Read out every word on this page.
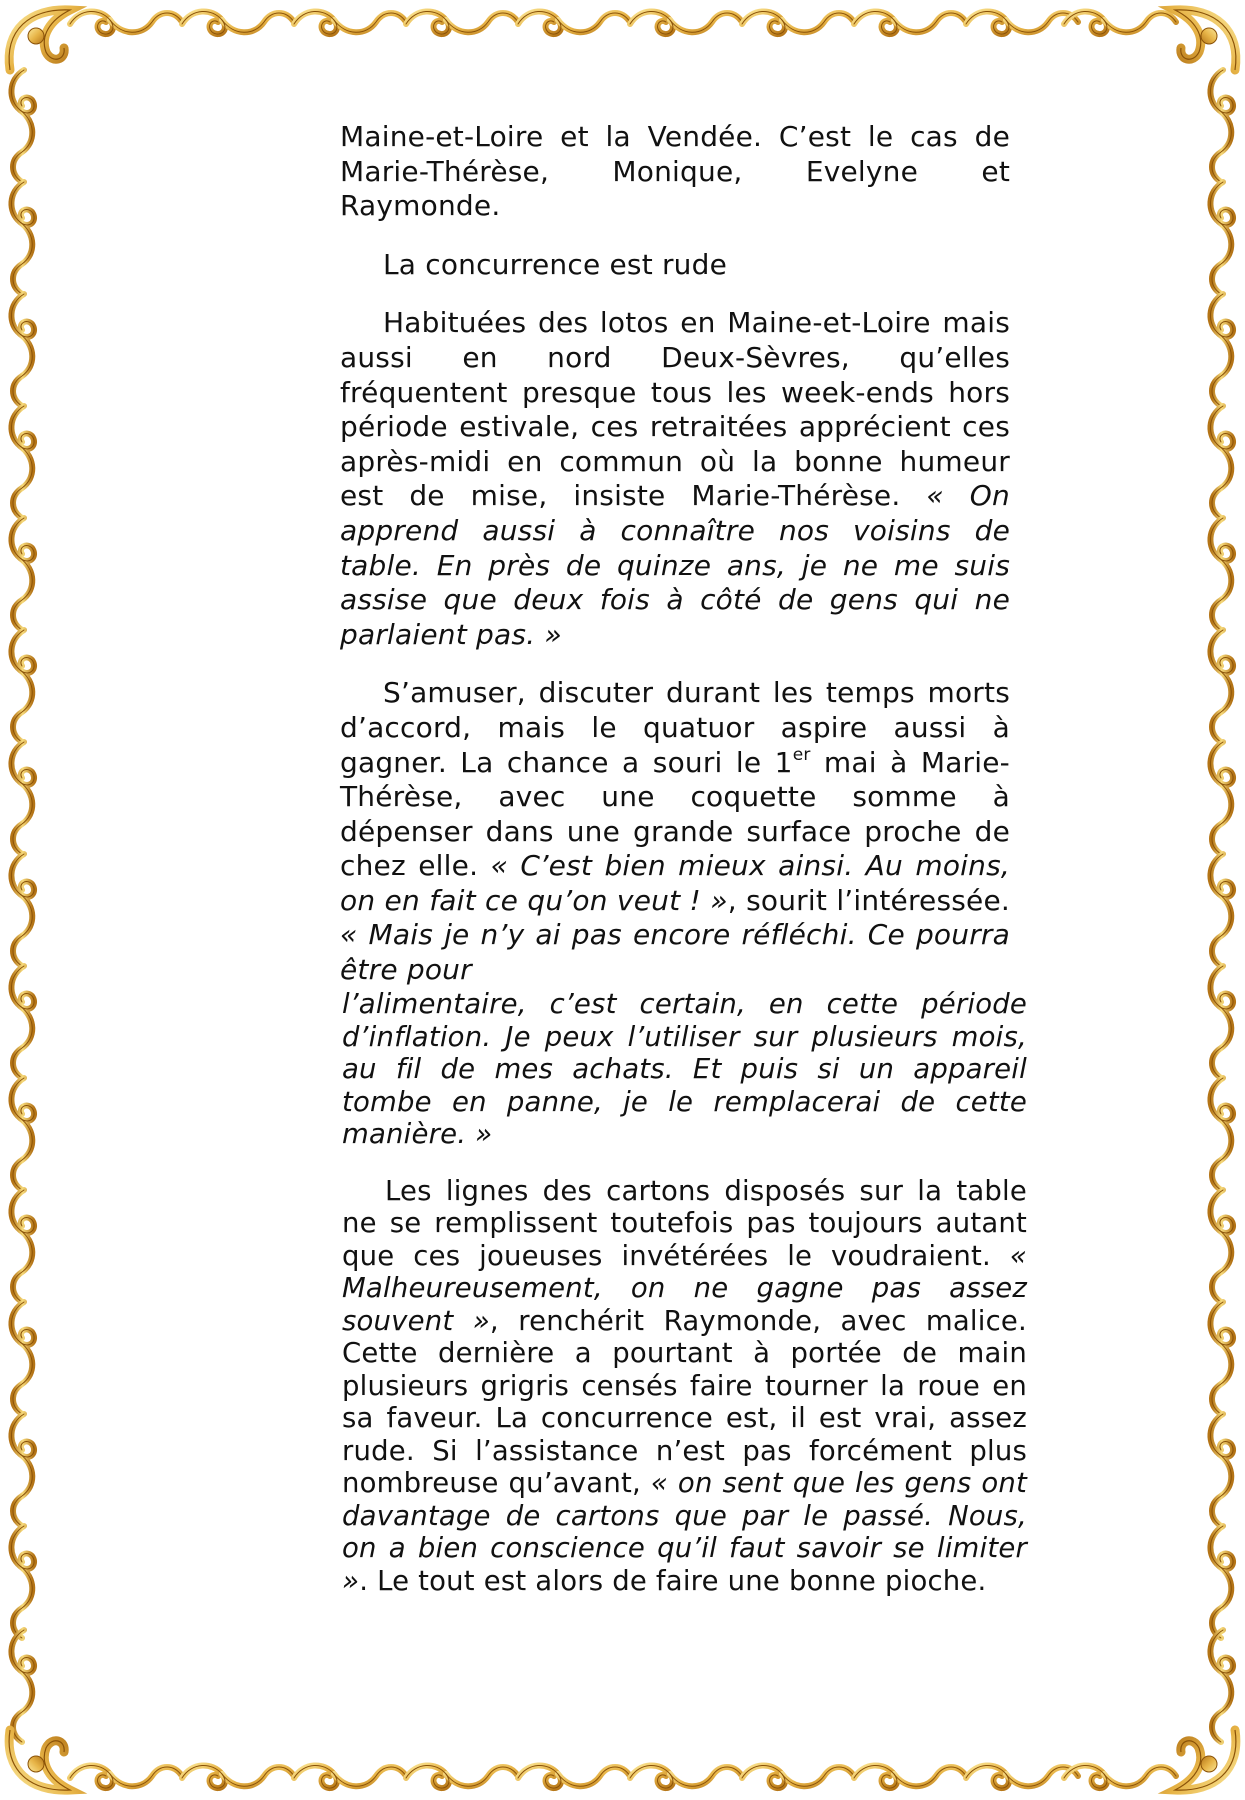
Maine-et-Loire et la Vendée. C’est le cas de Marie-Thérèse, Monique, Evelyne et Raymonde.

La concurrence est rude

Habituées des lotos en Maine-et-Loire mais aussi en nord Deux-Sèvres, qu’elles fréquentent presque tous les week-ends hors période estivale, ces retraitées apprécient ces après-midi en commun où la bonne humeur est de mise, insiste Marie-Thérèse. « On apprend aussi à connaître nos voisins de table. En près de quinze ans, je ne me suis assise que deux fois à côté de gens qui ne parlaient pas. »

S’amuser, discuter durant les temps morts d’accord, mais le quatuor aspire aussi à gagner. La chance a souri le 1er mai à Marie-Thérèse, avec une coquette somme à dépenser dans une grande surface proche de chez elle. « C’est bien mieux ainsi. Au moins, on en fait ce qu’on veut ! », sourit l’intéressée. « Mais je n’y ai pas encore réfléchi. Ce pourra être pour

l’alimentaire, c’est certain, en cette période d’inflation. Je peux l’utiliser sur plusieurs mois, au fil de mes achats. Et puis si un appareil tombe en panne, je le remplacerai de cette manière. »

Les lignes des cartons disposés sur la table ne se remplissent toutefois pas toujours autant que ces joueuses invétérées le voudraient. « Malheureusement, on ne gagne pas assez souvent », renchérit Raymonde, avec malice. Cette dernière a pourtant à portée de main plusieurs grigris censés faire tourner la roue en sa faveur. La concurrence est, il est vrai, assez rude. Si l’assistance n’est pas forcément plus nombreuse qu’avant, « on sent que les gens ont davantage de cartons que par le passé. Nous, on a bien conscience qu’il faut savoir se limiter ». Le tout est alors de faire une bonne pioche.
